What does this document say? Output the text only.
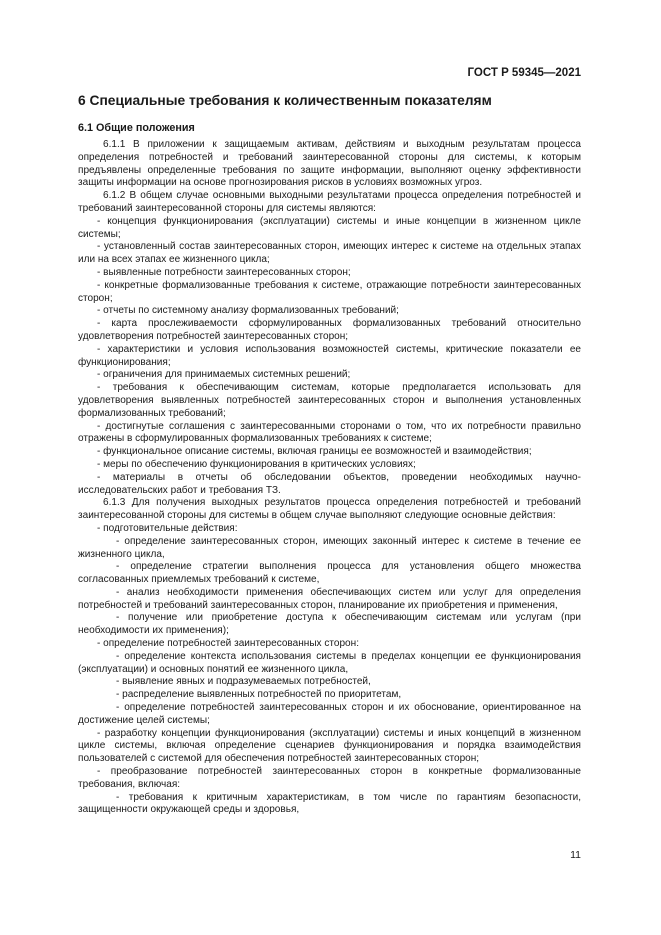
ГОСТ Р 59345—2021
6 Специальные требования к количественным показателям
6.1 Общие положения

6.1.1 В приложении к защищаемым активам, действиям и выходным результатам процесса определения потребностей и требований заинтересованной стороны для системы, к которым предъявлены определенные требования по защите информации, выполняют оценку эффективности защиты информации на основе прогнозирования рисков в условиях возможных угроз.

6.1.2 В общем случае основными выходными результатами процесса определения потребностей и требований заинтересованной стороны для системы являются:

- концепция функционирования (эксплуатации) системы и иные концепции в жизненном цикле системы;

- установленный состав заинтересованных сторон, имеющих интерес к системе на отдельных этапах или на всех этапах ее жизненного цикла;

- выявленные потребности заинтересованных сторон;

- конкретные формализованные требования к системе, отражающие потребности заинтересованных сторон;

- отчеты по системному анализу формализованных требований;

- карта прослеживаемости сформулированных формализованных требований относительно удовлетворения потребностей заинтересованных сторон;

- характеристики и условия использования возможностей системы, критические показатели ее функционирования;

- ограничения для принимаемых системных решений;

- требования к обеспечивающим системам, которые предполагается использовать для удовлетворения выявленных потребностей заинтересованных сторон и выполнения установленных формализованных требований;

- достигнутые соглашения с заинтересованными сторонами о том, что их потребности правильно отражены в сформулированных формализованных требованиях к системе;

- функциональное описание системы, включая границы ее возможностей и взаимодействия;

- меры по обеспечению функционирования в критических условиях;

- материалы в отчеты об обследовании объектов, проведении необходимых научно-исследовательских работ и требования ТЗ.

6.1.3 Для получения выходных результатов процесса определения потребностей и требований заинтересованной стороны для системы в общем случае выполняют следующие основные действия:

- подготовительные действия:

- определение заинтересованных сторон, имеющих законный интерес к системе в течение ее жизненного цикла,

- определение стратегии выполнения процесса для установления общего множества согласованных приемлемых требований к системе,

- анализ необходимости применения обеспечивающих систем или услуг для определения потребностей и требований заинтересованных сторон, планирование их приобретения и применения,

- получение или приобретение доступа к обеспечивающим системам или услугам (при необходимости их применения);

- определение потребностей заинтересованных сторон:

- определение контекста использования системы в пределах концепции ее функционирования (эксплуатации) и основных понятий ее жизненного цикла,

- выявление явных и подразумеваемых потребностей,

- распределение выявленных потребностей по приоритетам,

- определение потребностей заинтересованных сторон и их обоснование, ориентированное на достижение целей системы;

- разработку концепции функционирования (эксплуатации) системы и иных концепций в жизненном цикле системы, включая определение сценариев функционирования и порядка взаимодействия пользователей с системой для обеспечения потребностей заинтересованных сторон;

- преобразование потребностей заинтересованных сторон в конкретные формализованные требования, включая:

- требования к критичным характеристикам, в том числе по гарантиям безопасности, защищенности окружающей среды и здоровья,

11
